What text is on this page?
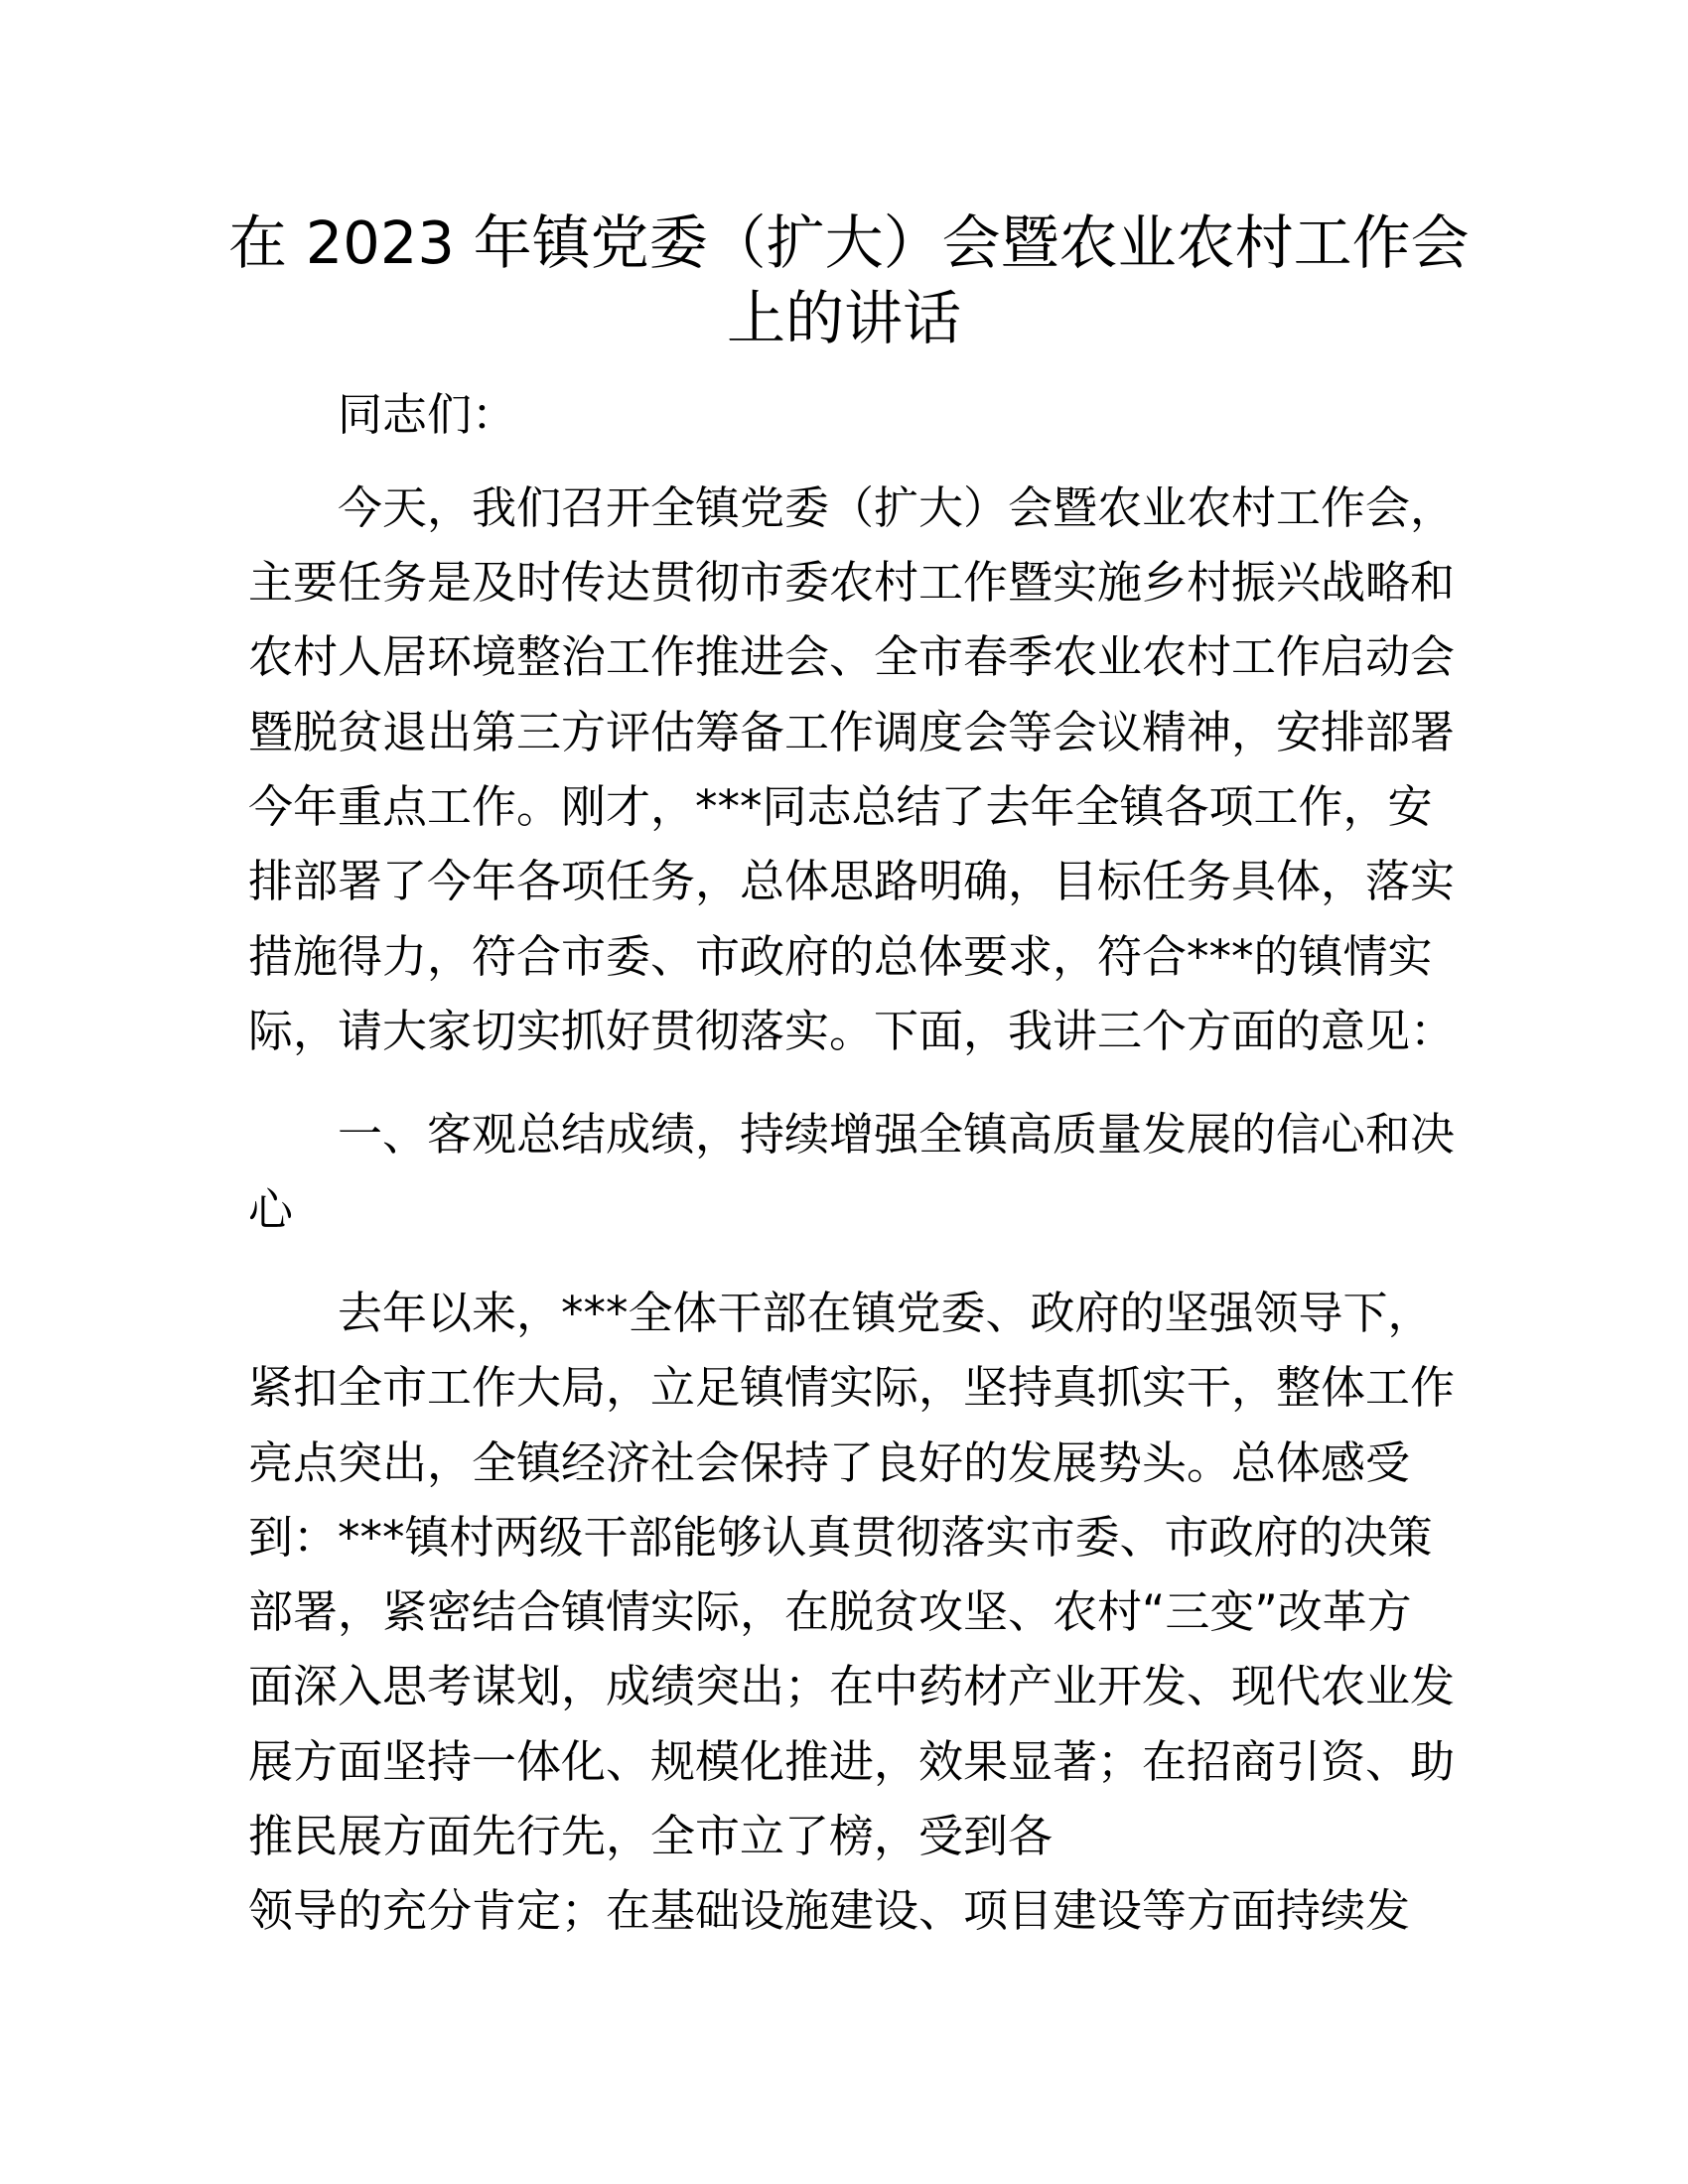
在 2023 年镇党委（扩大）会暨农业农村工作会
上的讲话
同志们：
今天，我们召开全镇党委（扩大）会暨农业农村工作会，
主要任务是及时传达贯彻市委农村工作暨实施乡村振兴战略和
农村人居环境整治工作推进会、全市春季农业农村工作启动会
暨脱贫退出第三方评估筹备工作调度会等会议精神，安排部署
今年重点工作。刚才，***同志总结了去年全镇各项工作，安
排部署了今年各项任务，总体思路明确，目标任务具体，落实
措施得力，符合市委、市政府的总体要求，符合***的镇情实
际，请大家切实抓好贯彻落实。下面，我讲三个方面的意见：
一、客观总结成绩，持续增强全镇高质量发展的信心和决
心
去年以来，***全体干部在镇党委、政府的坚强领导下，
紧扣全市工作大局，立足镇情实际，坚持真抓实干，整体工作
亮点突出，全镇经济社会保持了良好的发展势头。总体感受
到：***镇村两级干部能够认真贯彻落实市委、市政府的决策
部署，紧密结合镇情实际，在脱贫攻坚、农村“三变”改革方
面深入思考谋划，成绩突出；在中药材产业开发、现代农业发
展方面坚持一体化、规模化推进，效果显著；在招商引资、助
推民展方面先行先，全市立了榜，受到各
领导的充分肯定；在基础设施建设、项目建设等方面持续发
